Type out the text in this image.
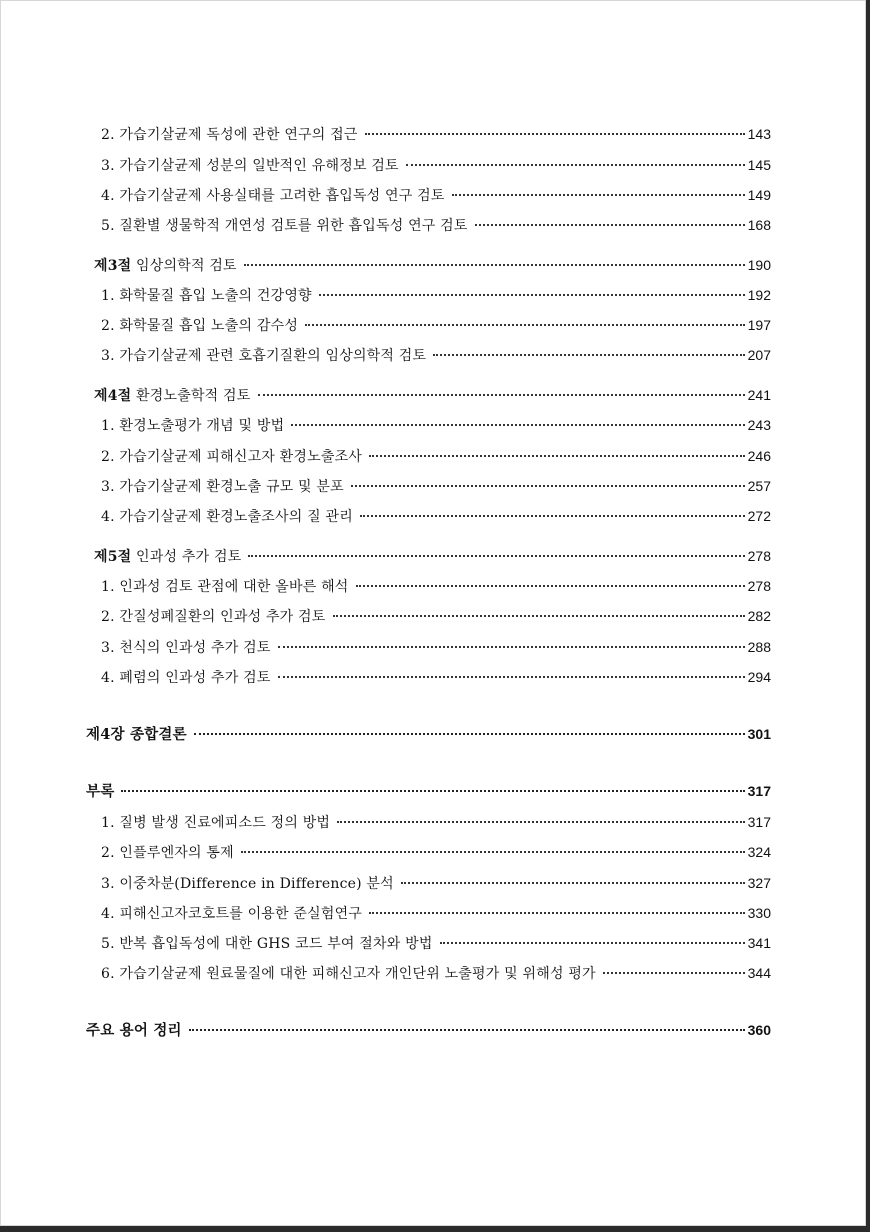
2. 가습기살균제 독성에 관한 연구의 접근	143
3. 가습기살균제 성분의 일반적인 유해정보 검토	145
4. 가습기살균제 사용실태를 고려한 흡입독성 연구 검토	149
5. 질환별 생물학적 개연성 검토를 위한 흡입독성 연구 검토	168
제3절 임상의학적 검토	190
1. 화학물질 흡입 노출의 건강영향	192
2. 화학물질 흡입 노출의 감수성	197
3. 가습기살균제 관련 호흡기질환의 임상의학적 검토	207
제4절 환경노출학적 검토	241
1. 환경노출평가 개념 및 방법	243
2. 가습기살균제 피해신고자 환경노출조사	246
3. 가습기살균제 환경노출 규모 및 분포	257
4. 가습기살균제 환경노출조사의 질 관리	272
제5절 인과성 추가 검토	278
1. 인과성 검토 관점에 대한 올바른 해석	278
2. 간질성폐질환의 인과성 추가 검토	282
3. 천식의 인과성 추가 검토	288
4. 폐렴의 인과성 추가 검토	294
제4장 종합결론	301
부록	317
1. 질병 발생 진료에피소드 정의 방법	317
2. 인플루엔자의 통제	324
3. 이중차분(Difference in Difference) 분석	327
4. 피해신고자코호트를 이용한 준실험연구	330
5. 반복 흡입독성에 대한 GHS 코드 부여 절차와 방법	341
6. 가습기살균제 원료물질에 대한 피해신고자 개인단위 노출평가 및 위해성 평가	344
주요 용어 정리	360
